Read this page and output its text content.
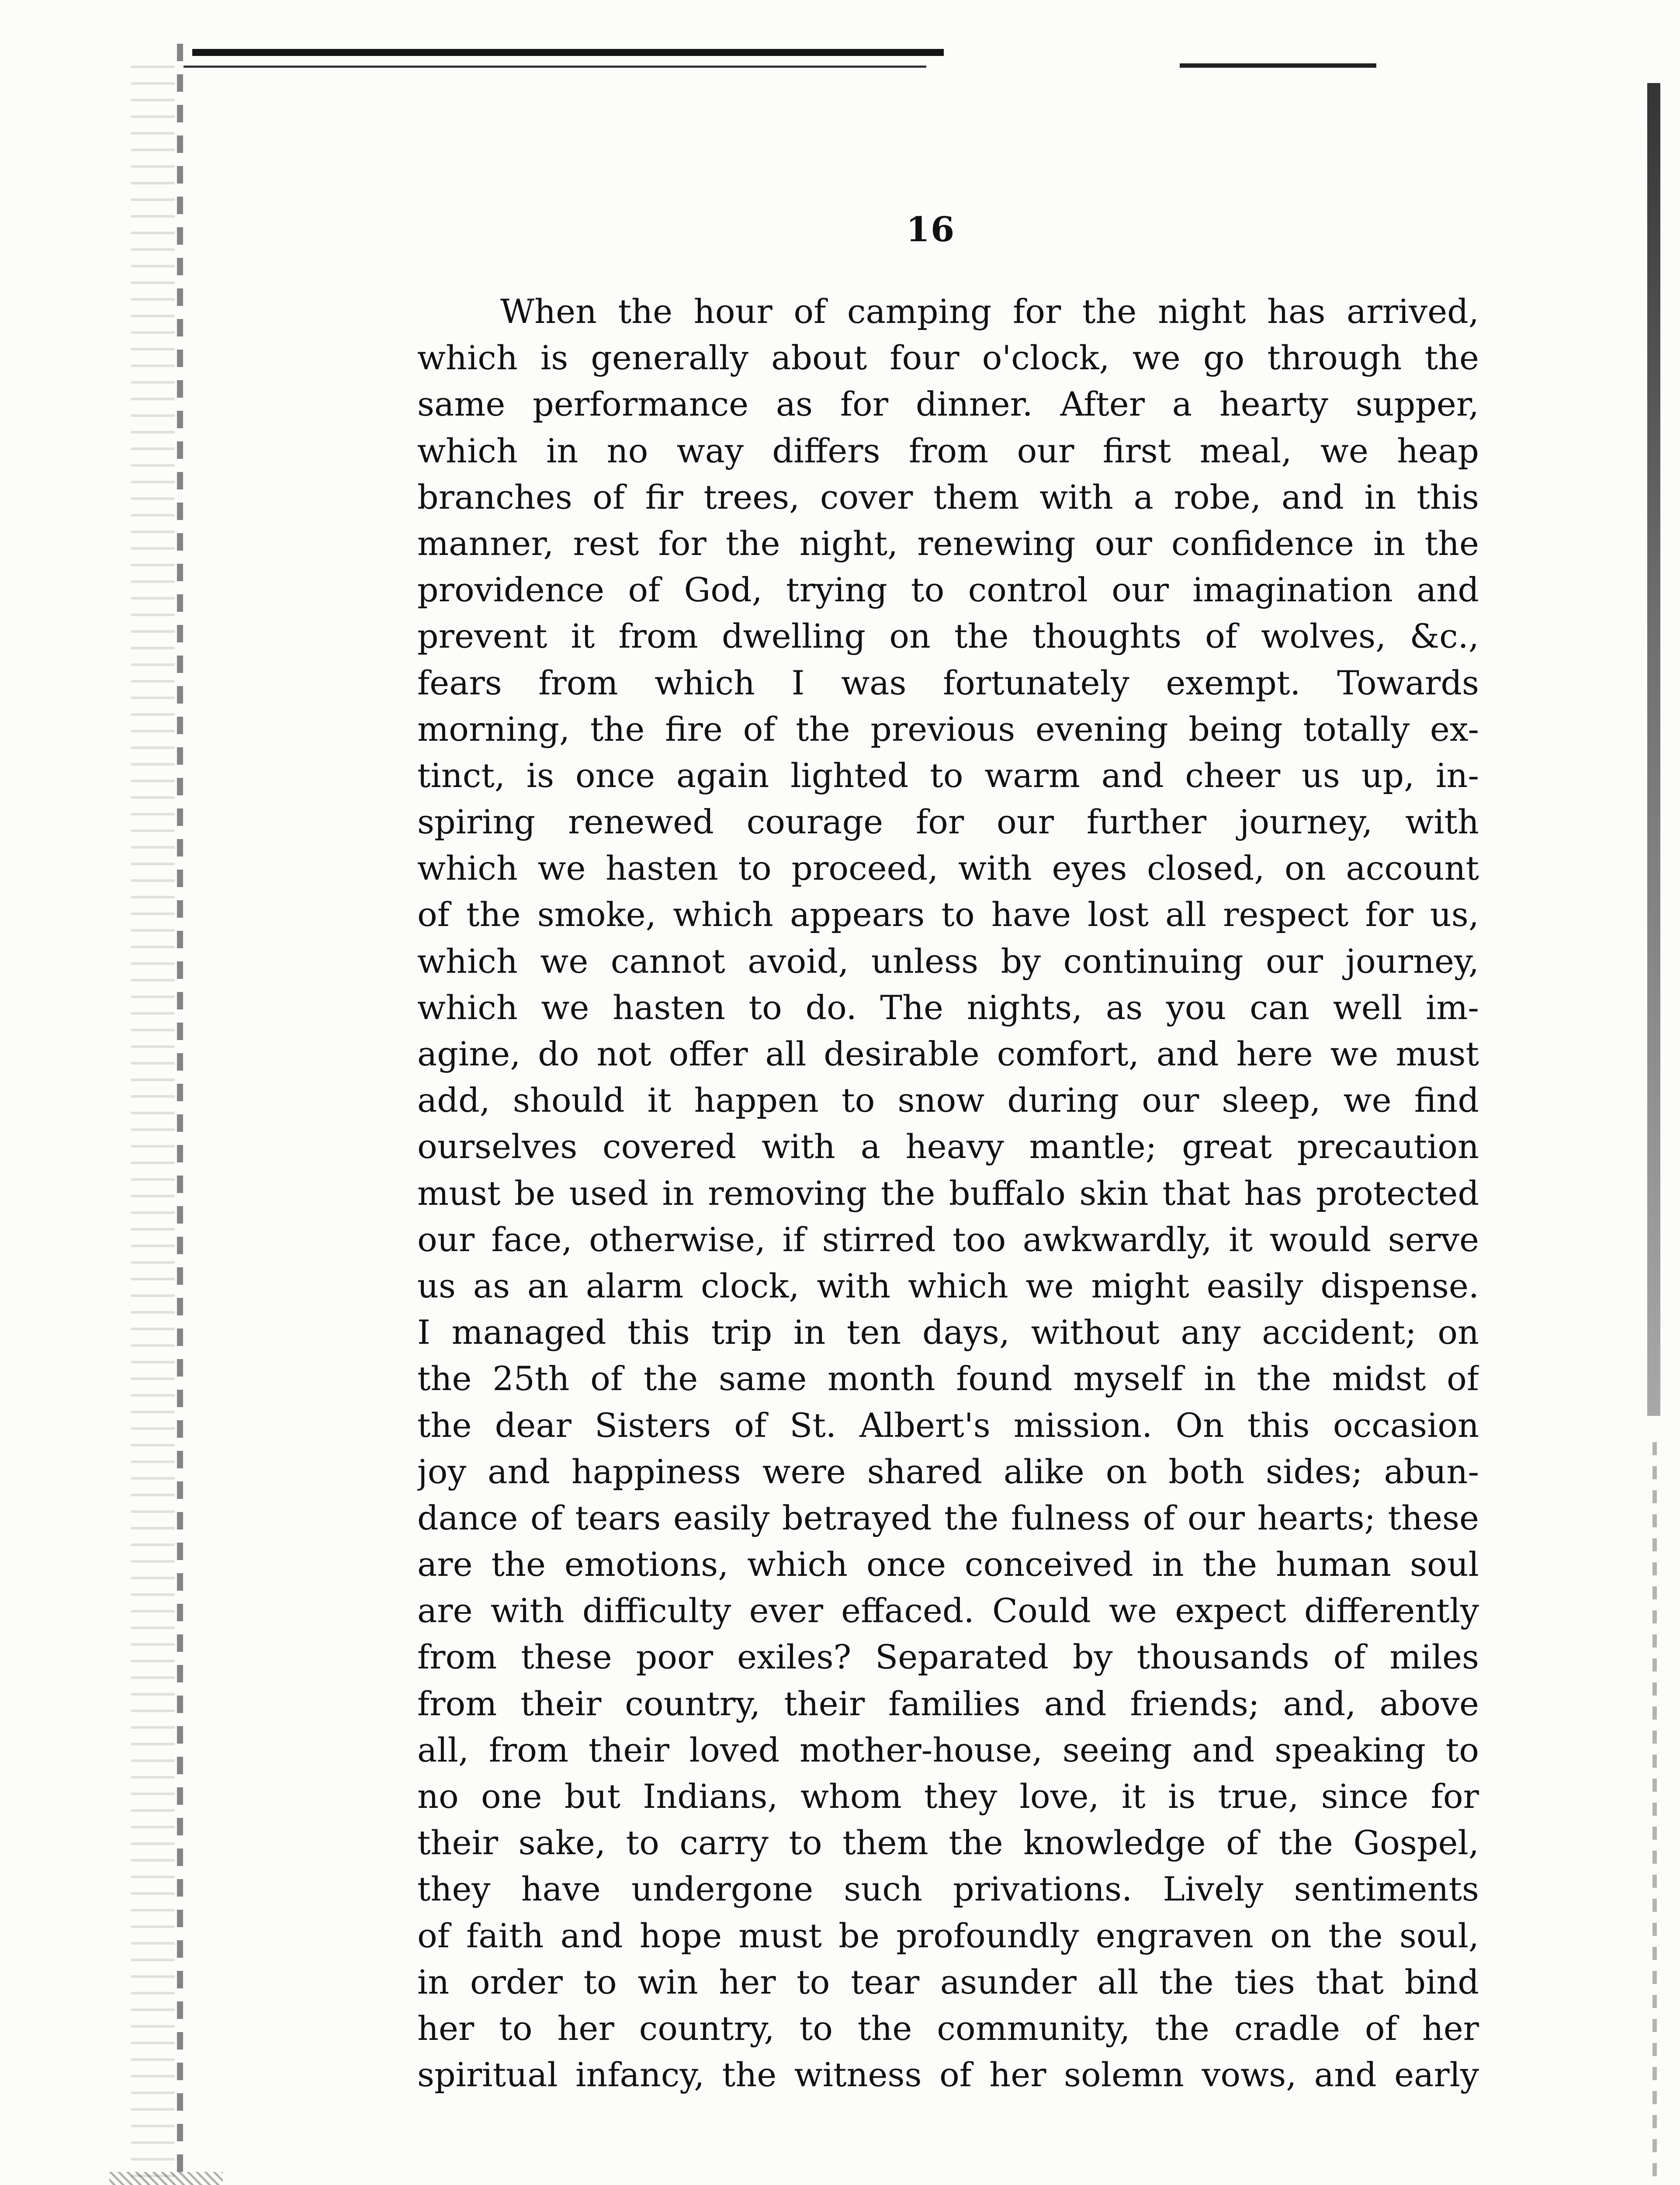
16
When the hour of camping for the night has arrived,
which is generally about four o'clock, we go through the
same performance as for dinner. After a hearty supper,
which in no way differs from our first meal, we heap
branches of fir trees, cover them with a robe, and in this
manner, rest for the night, renewing our confidence in the
providence of God, trying to control our imagination and
prevent it from dwelling on the thoughts of wolves, &c.,
fears from which I was fortunately exempt. Towards
morning, the fire of the previous evening being totally ex-
tinct, is once again lighted to warm and cheer us up, in-
spiring renewed courage for our further journey, with
which we hasten to proceed, with eyes closed, on account
of the smoke, which appears to have lost all respect for us,
which we cannot avoid, unless by continuing our journey,
which we hasten to do. The nights, as you can well im-
agine, do not offer all desirable comfort, and here we must
add, should it happen to snow during our sleep, we find
ourselves covered with a heavy mantle; great precaution
must be used in removing the buffalo skin that has protected
our face, otherwise, if stirred too awkwardly, it would serve
us as an alarm clock, with which we might easily dispense.
I managed this trip in ten days, without any accident; on
the 25th of the same month found myself in the midst of
the dear Sisters of St. Albert's mission. On this occasion
joy and happiness were shared alike on both sides; abun-
dance of tears easily betrayed the fulness of our hearts; these
are the emotions, which once conceived in the human soul
are with difficulty ever effaced. Could we expect differently
from these poor exiles? Separated by thousands of miles
from their country, their families and friends; and, above
all, from their loved mother-house, seeing and speaking to
no one but Indians, whom they love, it is true, since for
their sake, to carry to them the knowledge of the Gospel,
they have undergone such privations. Lively sentiments
of faith and hope must be profoundly engraven on the soul,
in order to win her to tear asunder all the ties that bind
her to her country, to the community, the cradle of her
spiritual infancy, the witness of her solemn vows, and early
